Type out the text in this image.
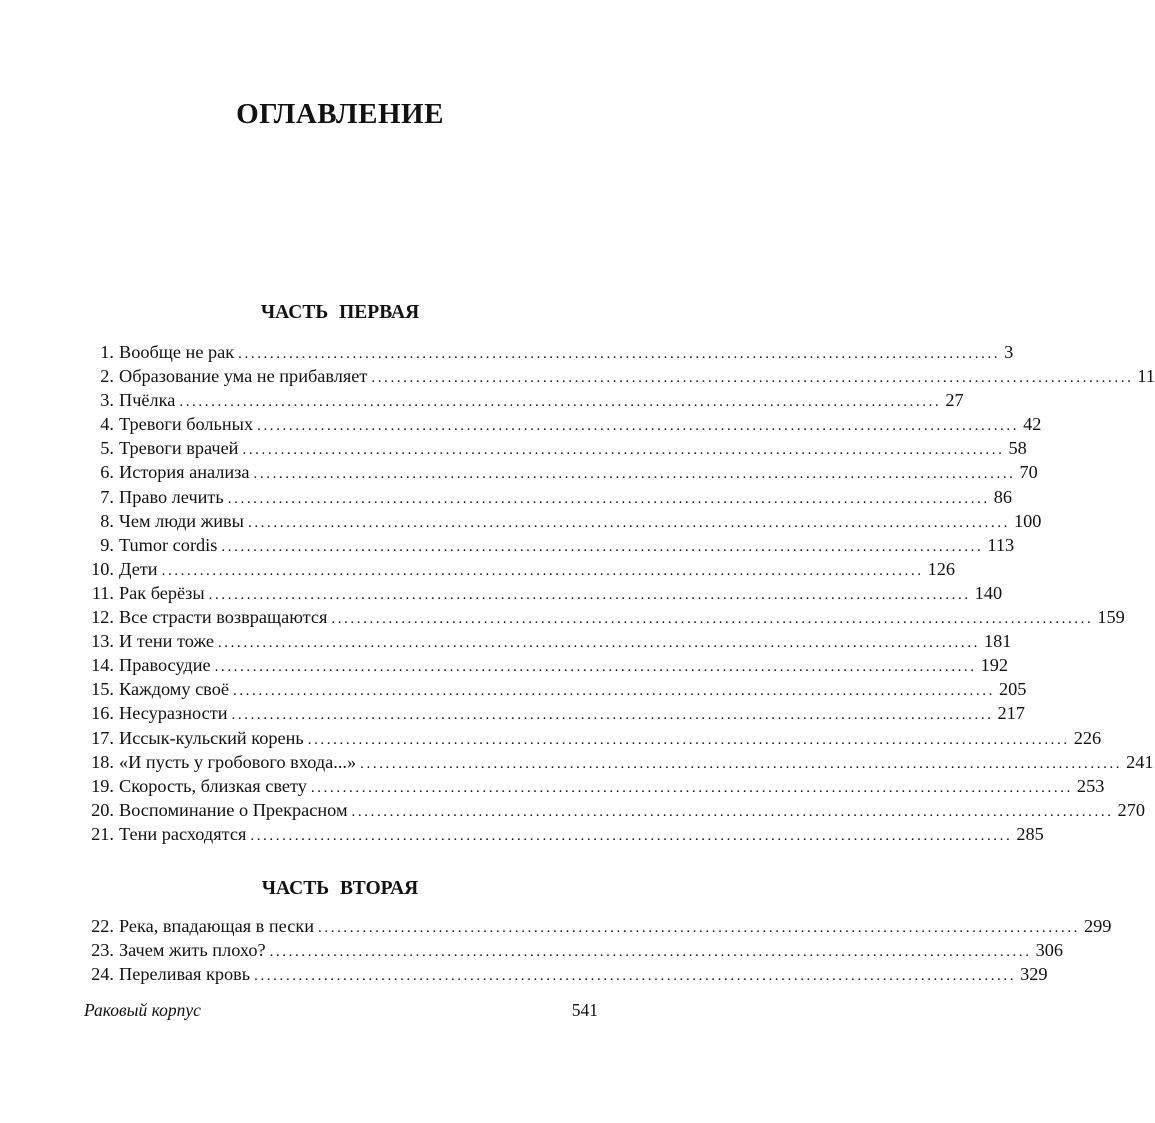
ОГЛАВЛЕНИЕ
ЧАСТЬ ПЕРВАЯ
1. Вообще не рак ........................................................................................................................ 3
2. Образование ума не прибавляет ........................................................................................................................ 11
3. Пчёлка ........................................................................................................................ 27
4. Тревоги больных ........................................................................................................................ 42
5. Тревоги врачей ........................................................................................................................ 58
6. История анализа ........................................................................................................................ 70
7. Право лечить ........................................................................................................................ 86
8. Чем люди живы ........................................................................................................................ 100
9. Tumor cordis ........................................................................................................................ 113
10. Дети ........................................................................................................................ 126
11. Рак берёзы ........................................................................................................................ 140
12. Все страсти возвращаются ........................................................................................................................ 159
13. И тени тоже ........................................................................................................................ 181
14. Правосудие ........................................................................................................................ 192
15. Каждому своё ........................................................................................................................ 205
16. Несуразности ........................................................................................................................ 217
17. Иссык-кульский корень ........................................................................................................................ 226
18. «И пусть у гробового входа...» ........................................................................................................................ 241
19. Скорость, близкая свету ........................................................................................................................ 253
20. Воспоминание о Прекрасном ........................................................................................................................ 270
21. Тени расходятся ........................................................................................................................ 285
ЧАСТЬ ВТОРАЯ
22. Река, впадающая в пески ........................................................................................................................ 299
23. Зачем жить плохо? ........................................................................................................................ 306
24. Переливая кровь ........................................................................................................................ 329
Раковый корпус	541
